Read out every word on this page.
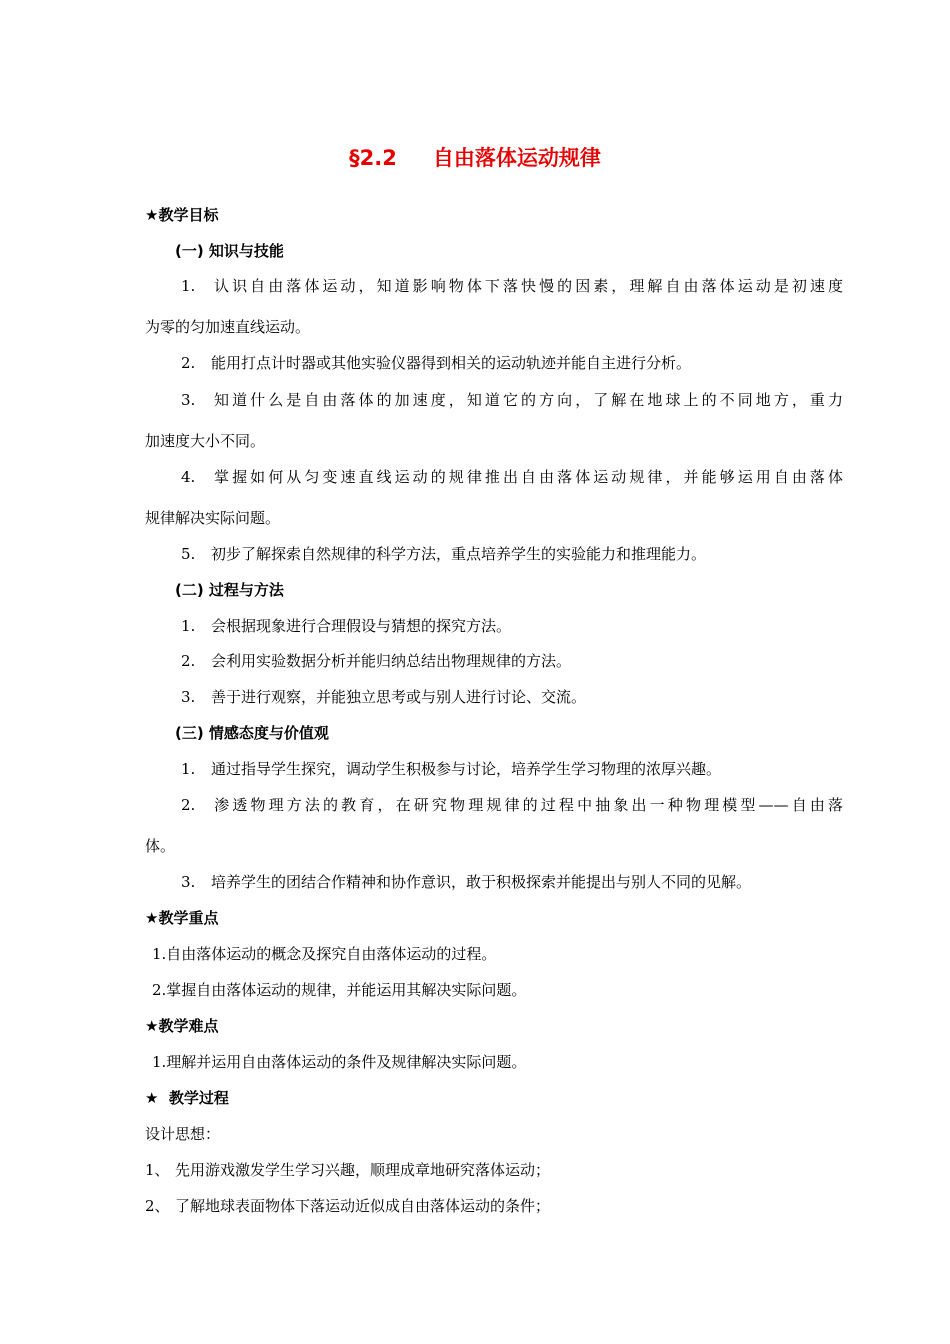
§2.2 自由落体运动规律
★教学目标
(一) 知识与技能
1. 认识自由落体运动，知道影响物体下落快慢的因素，理解自由落体运动是初速度
为零的匀加速直线运动。
2. 能用打点计时器或其他实验仪器得到相关的运动轨迹并能自主进行分析。
3. 知道什么是自由落体的加速度，知道它的方向，了解在地球上的不同地方，重力
加速度大小不同。
4. 掌握如何从匀变速直线运动的规律推出自由落体运动规律，并能够运用自由落体
规律解决实际问题。
5. 初步了解探索自然规律的科学方法，重点培养学生的实验能力和推理能力。
(二) 过程与方法
1. 会根据现象进行合理假设与猜想的探究方法。
2. 会利用实验数据分析并能归纳总结出物理规律的方法。
3. 善于进行观察，并能独立思考或与别人进行讨论、交流。
(三) 情感态度与价值观
1. 通过指导学生探究，调动学生积极参与讨论，培养学生学习物理的浓厚兴趣。
2. 渗透物理方法的教育，在研究物理规律的过程中抽象出一种物理模型——自由落
体。
3. 培养学生的团结合作精神和协作意识，敢于积极探索并能提出与别人不同的见解。
★教学重点
1.自由落体运动的概念及探究自由落体运动的过程。
2.掌握自由落体运动的规律，并能运用其解决实际问题。
★教学难点
1.理解并运用自由落体运动的条件及规律解决实际问题。
★  教学过程
设计思想：
1、 先用游戏激发学生学习兴趣，顺理成章地研究落体运动；
2、 了解地球表面物体下落运动近似成自由落体运动的条件；
